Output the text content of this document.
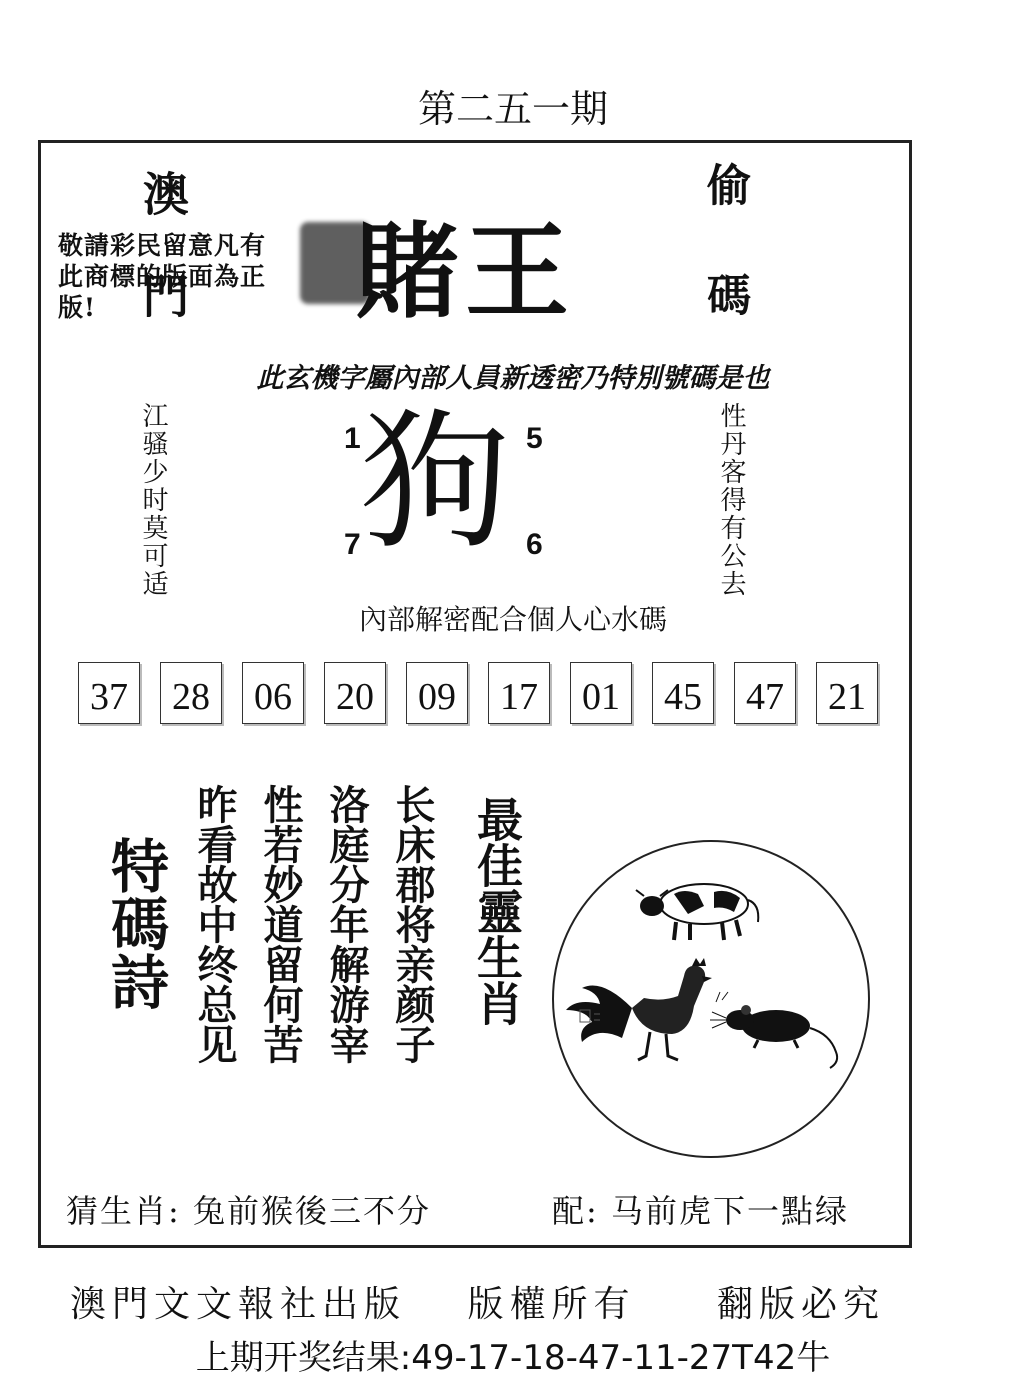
第二五一期
澳門	偷碼
賭王
敬請彩民留意凡有此商標的版面為正版!
此玄機字屬內部人員新透密乃特別號碼是也
江骚少时莫可适	性丹客得有公去
狗
1	5
7	6
內部解密配合個人心水碼
37	28	06	20	09	17	01	45	47	21
特碼詩 昨看故中终总见 性若妙道留何苦 洛庭分年解游宰 长床郡将亲颜子 最佳靈生肖
猜生肖: 兔前猴後三不分	配: 马前虎下一點绿
澳門文文報社出版 版權所有 翻版必究
上期开奖结果:49-17-18-47-11-27T42牛
